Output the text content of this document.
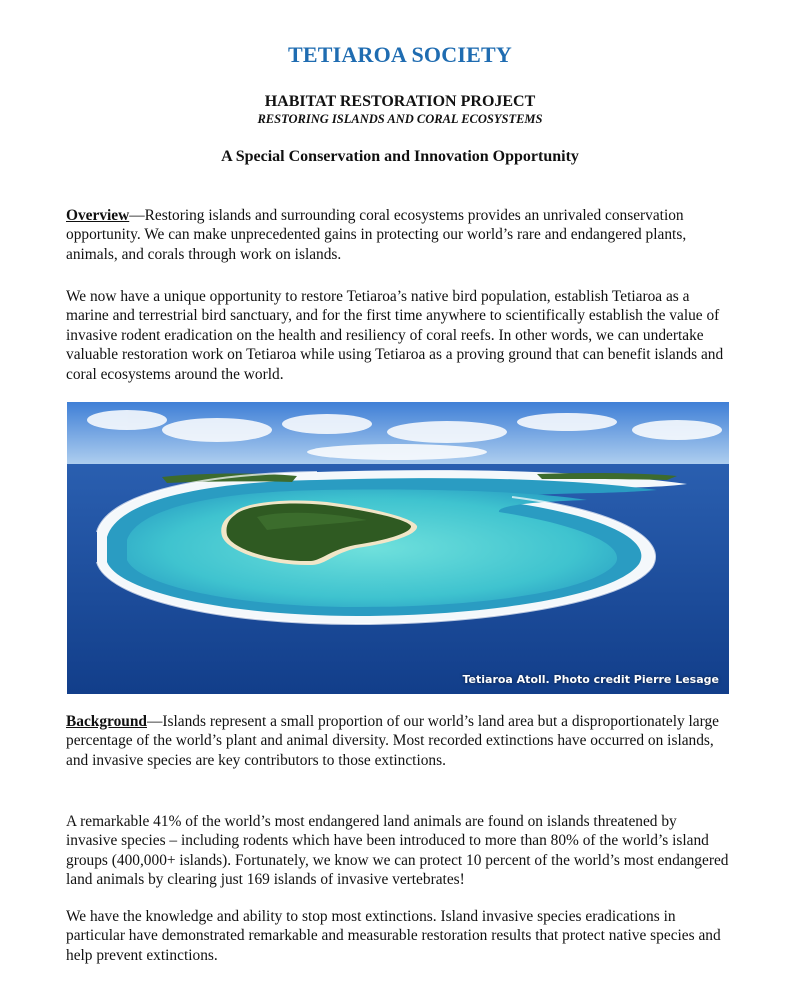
TETIAROA SOCIETY
HABITAT RESTORATION PROJECT
RESTORING ISLANDS AND CORAL ECOSYSTEMS
A Special Conservation and Innovation Opportunity

Overview—Restoring islands and surrounding coral ecosystems provides an unrivaled conservation opportunity. We can make unprecedented gains in protecting our world’s rare and endangered plants, animals, and corals through work on islands.

We now have a unique opportunity to restore Tetiaroa’s native bird population, establish Tetiaroa as a marine and terrestrial bird sanctuary, and for the first time anywhere to scientifically establish the value of invasive rodent eradication on the health and resiliency of coral reefs. In other words, we can undertake valuable restoration work on Tetiaroa while using Tetiaroa as a proving ground that can benefit islands and coral ecosystems around the world.

Tetiaroa Atoll. Photo credit Pierre Lesage

Background—Islands represent a small proportion of our world’s land area but a disproportionately large percentage of the world’s plant and animal diversity. Most recorded extinctions have occurred on islands, and invasive species are key contributors to those extinctions.

A remarkable 41% of the world’s most endangered land animals are found on islands threatened by invasive species – including rodents which have been introduced to more than 80% of the world’s island groups (400,000+ islands). Fortunately, we know we can protect 10 percent of the world’s most endangered land animals by clearing just 169 islands of invasive vertebrates!

We have the knowledge and ability to stop most extinctions. Island invasive species eradications in particular have demonstrated remarkable and measurable restoration results that protect native species and help prevent extinctions.
